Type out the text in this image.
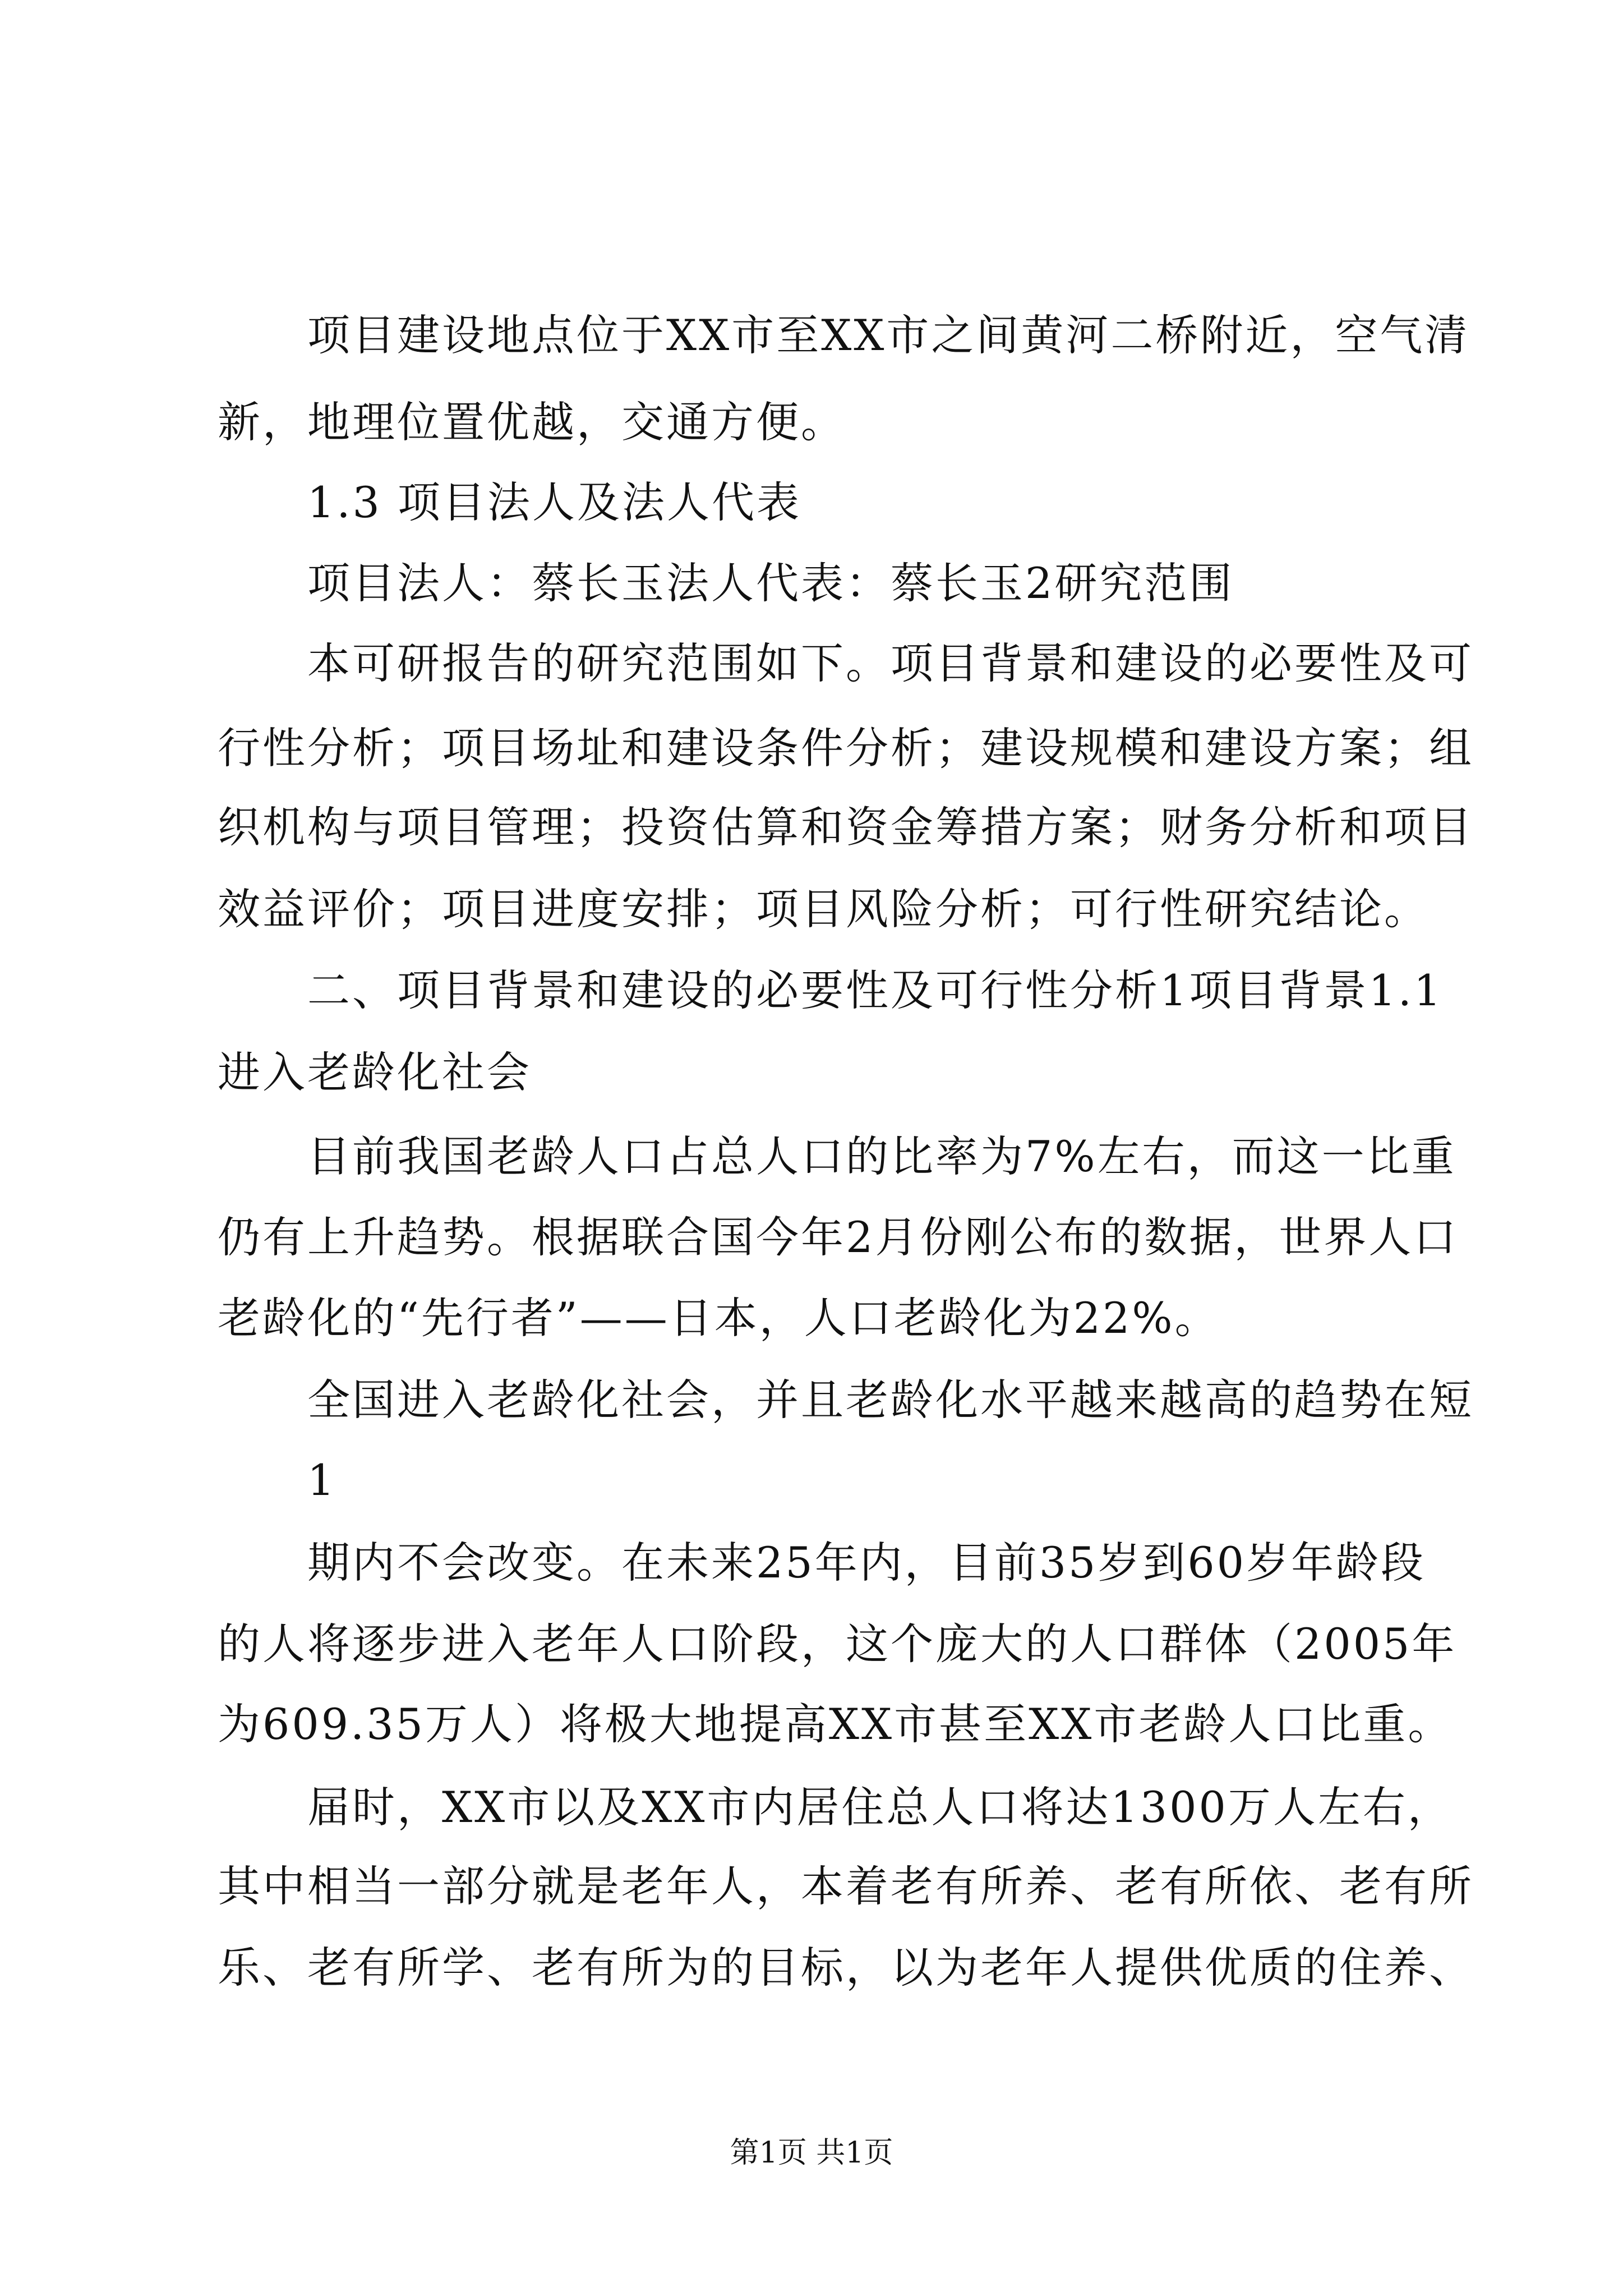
项目建设地点位于XX市至XX市之间黄河二桥附近，空气清
新，地理位置优越，交通方便。
1.3 项目法人及法人代表
项目法人：蔡长玉法人代表：蔡长玉2研究范围
本可研报告的研究范围如下。项目背景和建设的必要性及可
行性分析；项目场址和建设条件分析；建设规模和建设方案；组
织机构与项目管理；投资估算和资金筹措方案；财务分析和项目
效益评价；项目进度安排；项目风险分析；可行性研究结论。
二、项目背景和建设的必要性及可行性分析1项目背景1.1
进入老龄化社会
目前我国老龄人口占总人口的比率为7%左右，而这一比重
仍有上升趋势。根据联合国今年2月份刚公布的数据，世界人口
老龄化的“先行者”——日本，人口老龄化为22%。
全国进入老龄化社会，并且老龄化水平越来越高的趋势在短
1
期内不会改变。在未来25年内，目前35岁到60岁年龄段
的人将逐步进入老年人口阶段，这个庞大的人口群体（2005年
为609.35万人）将极大地提高XX市甚至XX市老龄人口比重。
届时，XX市以及XX市内居住总人口将达1300万人左右，
其中相当一部分就是老年人，本着老有所养、老有所依、老有所
乐、老有所学、老有所为的目标，以为老年人提供优质的住养、
第1页 共1页
